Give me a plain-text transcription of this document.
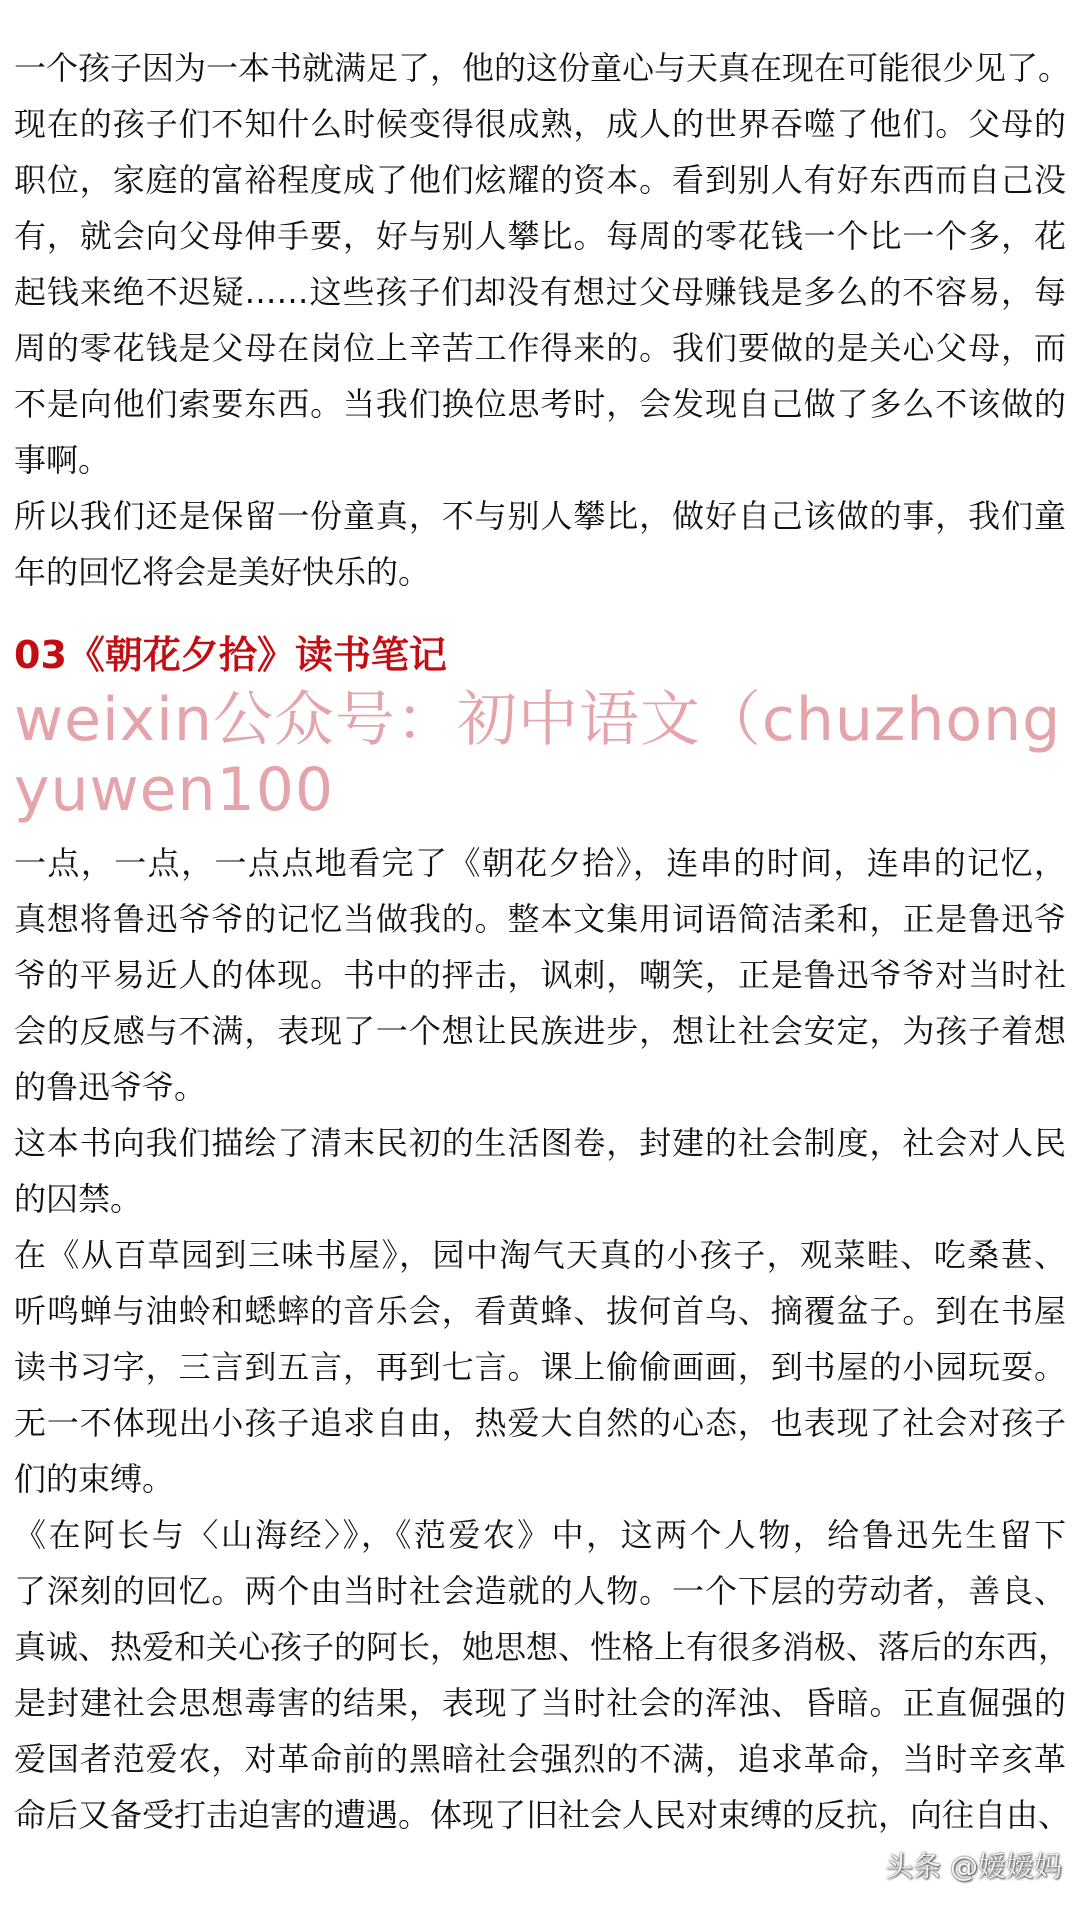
一个孩子因为一本书就满足了，他的这份童心与天真在现在可能很少见了。
现在的孩子们不知什么时候变得很成熟，成人的世界吞噬了他们。父母的
职位，家庭的富裕程度成了他们炫耀的资本。看到别人有好东西而自己没
有，就会向父母伸手要，好与别人攀比。每周的零花钱一个比一个多，花
起钱来绝不迟疑……这些孩子们却没有想过父母赚钱是多么的不容易，每
周的零花钱是父母在岗位上辛苦工作得来的。我们要做的是关心父母，而
不是向他们索要东西。当我们换位思考时，会发现自己做了多么不该做的
事啊。
所以我们还是保留一份童真，不与别人攀比，做好自己该做的事，我们童
年的回忆将会是美好快乐的。
03《朝花夕拾》读书笔记
weixin公众号：初中语文（chuzhongyuwen100
一点，一点，一点点地看完了《朝花夕拾》，连串的时间，连串的记忆，
真想将鲁迅爷爷的记忆当做我的。整本文集用词语简洁柔和，正是鲁迅爷
爷的平易近人的体现。书中的抨击，讽刺，嘲笑，正是鲁迅爷爷对当时社
会的反感与不满，表现了一个想让民族进步，想让社会安定，为孩子着想
的鲁迅爷爷。
这本书向我们描绘了清末民初的生活图卷，封建的社会制度，社会对人民
的囚禁。
在《从百草园到三味书屋》，园中淘气天真的小孩子，观菜畦、吃桑葚、
听鸣蝉与油蛉和蟋蟀的音乐会，看黄蜂、拔何首乌、摘覆盆子。到在书屋
读书习字，三言到五言，再到七言。课上偷偷画画，到书屋的小园玩耍。
无一不体现出小孩子追求自由，热爱大自然的心态，也表现了社会对孩子
们的束缚。
《在阿长与〈山海经〉》，《范爱农》中，这两个人物，给鲁迅先生留下
了深刻的回忆。两个由当时社会造就的人物。一个下层的劳动者，善良、
真诚、热爱和关心孩子的阿长，她思想、性格上有很多消极、落后的东西，
是封建社会思想毒害的结果，表现了当时社会的浑浊、昏暗。正直倔强的
爱国者范爱农，对革命前的黑暗社会强烈的不满，追求革命，当时辛亥革
命后又备受打击迫害的遭遇。体现了旧社会人民对束缚的反抗，向往自由、
头条 @嫒嫒妈
